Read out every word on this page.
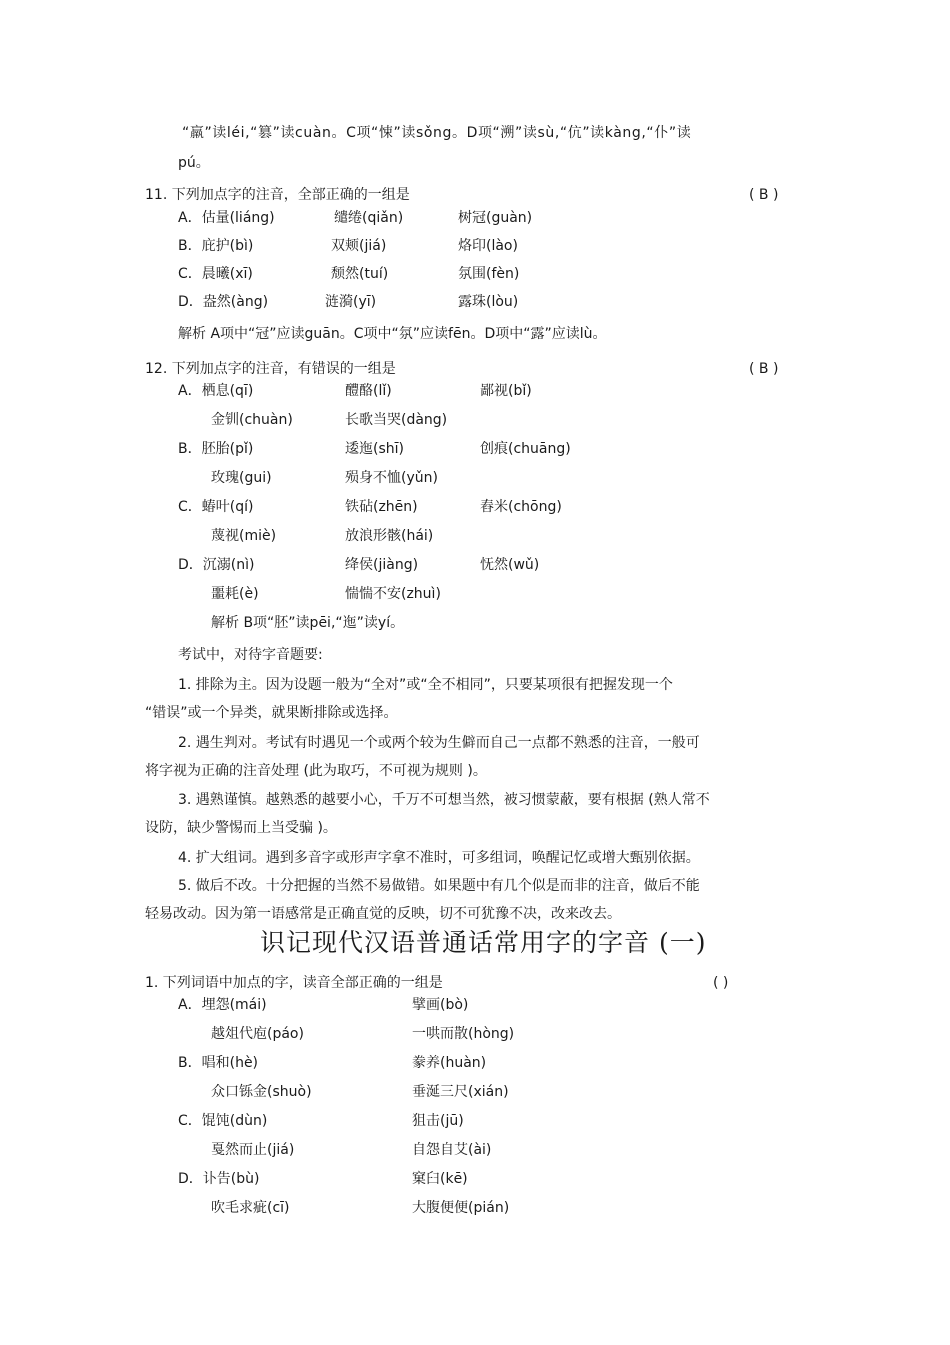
“羸”读léi,“篡”读cuàn。C项“悚”读sǒng。D项“溯”读sù,“伉”读kàng,“仆”读
pú。
11. 下列加点字的注音，全部正确的一组是	( B )
A．估量(liáng)	缱绻(qiǎn)	树冠(guàn)
B．庇护(bì)	双颊(jiá)	烙印(lào)
C．晨曦(xī)	颓然(tuí)	氛围(fèn)
D．盎然(àng)	涟漪(yī)	露珠(lòu)
解析 A项中“冠”应读guān。C项中“氛”应读fēn。D项中“露”应读lù。
12. 下列加点字的注音，有错误的一组是	( B )
A．栖息(qī)	醴酪(lǐ)	鄙视(bǐ)
金钏(chuàn)	长歌当哭(dàng)
B．胚胎(pǐ)	逶迤(shī)	创痕(chuāng)
玫瑰(gui)	殒身不恤(yǔn)
C．蝽叶(qí)	铁砧(zhēn)	舂米(chōng)
蔑视(miè)	放浪形骸(hái)
D．沉溺(nì)	绛侯(jiàng)	怃然(wǔ)
噩耗(è)	惴惴不安(zhuì)
解析 B项“胚”读pēi,“迤”读yí。
考试中，对待字音题要:
1. 排除为主。因为设题一般为“全对”或“全不相同”，只要某项很有把握发现一个
“错误”或一个异类，就果断排除或选择。
2. 遇生判对。考试有时遇见一个或两个较为生僻而自己一点都不熟悉的注音，一般可
将字视为正确的注音处理 (此为取巧，不可视为规则 )。
3. 遇熟谨慎。越熟悉的越要小心，千万不可想当然，被习惯蒙蔽，要有根据 (熟人常不
设防，缺少警惕而上当受骗 )。
4. 扩大组词。遇到多音字或形声字拿不准时，可多组词，唤醒记忆或增大甄别依据。
5. 做后不改。十分把握的当然不易做错。如果题中有几个似是而非的注音，做后不能
轻易改动。因为第一语感常是正确直觉的反映，切不可犹豫不决，改来改去。
识记现代汉语普通话常用字的字音 (一)
1. 下列词语中加点的字，读音全部正确的一组是	( )
A．埋怨(mái)	擘画(bò)
越俎代庖(páo)	一哄而散(hòng)
B．唱和(hè)	豢养(huàn)
众口铄金(shuò)	垂涎三尺(xián)
C．馄饨(dùn)	狙击(jū)
戛然而止(jiá)	自怨自艾(ài)
D．讣告(bù)	窠臼(kē)
吹毛求疵(cī)	大腹便便(pián)
